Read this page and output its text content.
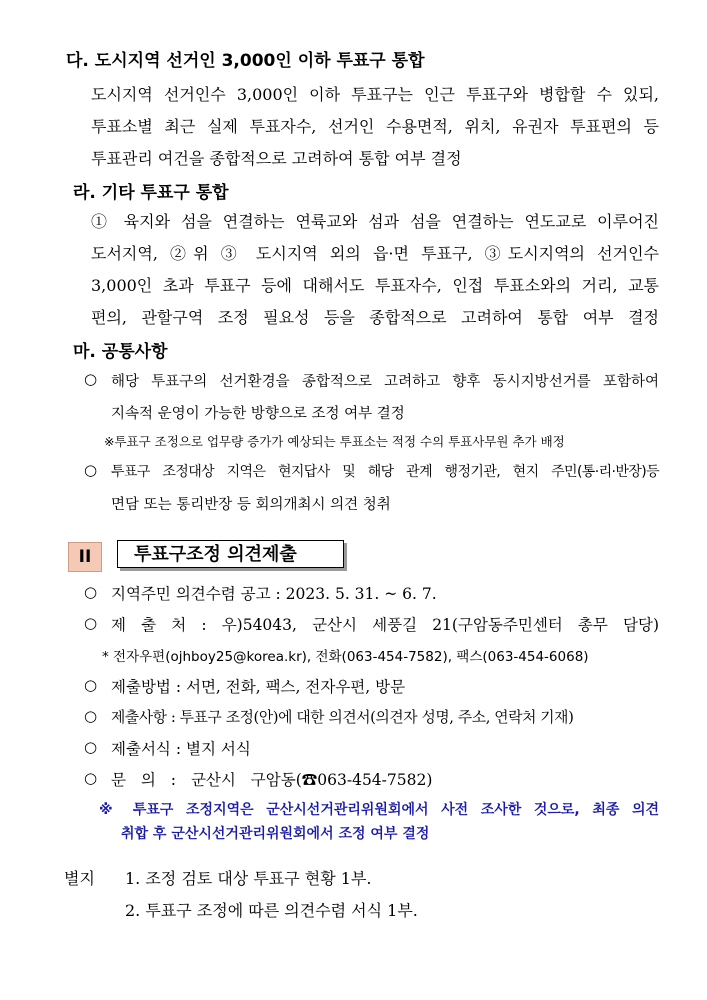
다. 도시지역 선거인 3,000인 이하 투표구 통합
도시지역 선거인수 3,000인 이하 투표구는 인근 투표구와 병합할 수 있되,
투표소별 최근 실제 투표자수, 선거인 수용면적, 위치, 유권자 투표편의 등
투표관리 여건을 종합적으로 고려하여 통합 여부 결정
라. 기타 투표구 통합
① 육지와 섬을 연결하는 연륙교와 섬과 섬을 연결하는 연도교로 이루어진
도서지역, ②위 ③ 도시지역 외의 읍·면 투표구, ③도시지역의 선거인수
3,000인 초과 투표구 등에 대해서도 투표자수, 인접 투표소와의 거리, 교통
편의, 관할구역 조정 필요성 등을 종합적으로 고려하여 통합 여부 결정
마. 공통사항
○ 해당 투표구의 선거환경을 종합적으로 고려하고 향후 동시지방선거를 포함하여
지속적 운영이 가능한 방향으로 조정 여부 결정
※투표구 조정으로 업무량 증가가 예상되는 투표소는 적정 수의 투표사무원 추가 배정
○ 투표구 조정대상 지역은 현지답사 및 해당 관계 행정기관, 현지 주민(통·리·반장)등
면담 또는 통리반장 등 회의개최시 의견 청취
II	투표구조정 의견제출
○ 지역주민 의견수렴 공고 : 2023. 5. 31. ~ 6. 7.
○ 제 출 처 : 우)54043, 군산시 세풍길 21(구암동주민센터 총무 담당)
* 전자우편(ojhboy25@korea.kr), 전화(063-454-7582), 팩스(063-454-6068)
○ 제출방법 : 서면, 전화, 팩스, 전자우편, 방문
○ 제출사항 : 투표구 조정(안)에 대한 의견서(의견자 성명, 주소, 연락처 기재)
○ 제출서식 : 별지 서식
○ 문 의 : 군산시 구암동(☎063-454-7582)
※ 투표구 조정지역은 군산시선거관리위원회에서 사전 조사한 것으로, 최종 의견
취합 후 군산시선거관리위원회에서 조정 여부 결정
별지 1. 조정 검토 대상 투표구 현황 1부.
2. 투표구 조정에 따른 의견수렴 서식 1부.
